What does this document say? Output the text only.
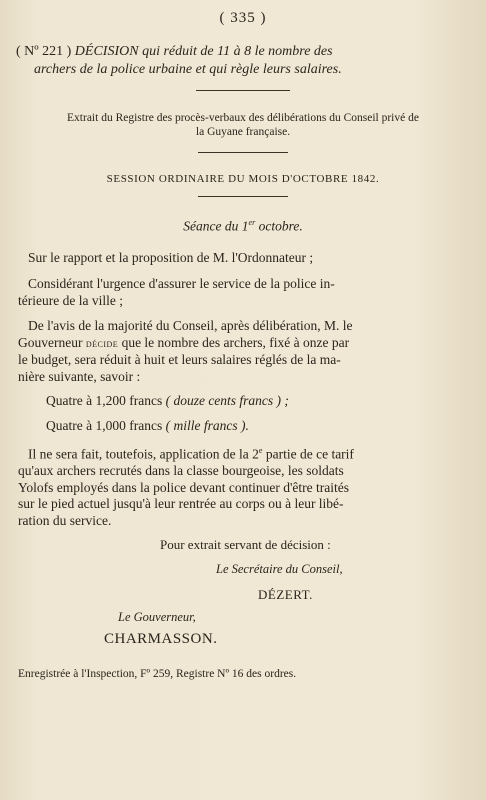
( 335 )
( Nº 221 ) DÉCISION qui réduit de 11 à 8 le nombre des
archers de la police urbaine et qui règle leurs salaires.
Extrait du Registre des procès-verbaux des délibérations du Conseil privé de
la Guyane française.
SESSION ORDINAIRE DU MOIS D'OCTOBRE 1842.
Séance du 1er octobre.
Sur le rapport et la proposition de M. l'Ordonnateur ;
Considérant l'urgence d'assurer le service de la police in-
térieure de la ville ;
De l'avis de la majorité du Conseil, après délibération, M. le
Gouverneur décide que le nombre des archers, fixé à onze par
le budget, sera réduit à huit et leurs salaires réglés de la ma-
nière suivante, savoir :
Quatre à 1,200 francs ( douze cents francs ) ;
Quatre à 1,000 francs ( mille francs ).
Il ne sera fait, toutefois, application de la 2e partie de ce tarif
qu'aux archers recrutés dans la classe bourgeoise, les soldats
Yolofs employés dans la police devant continuer d'être traités
sur le pied actuel jusqu'à leur rentrée au corps ou à leur libé-
ration du service.
Pour extrait servant de décision :
Le Secrétaire du Conseil,
DÉZERT.
Le Gouverneur,
CHARMASSON.
Enregistrée à l'Inspection, Fº 259, Registre Nº 16 des ordres.
